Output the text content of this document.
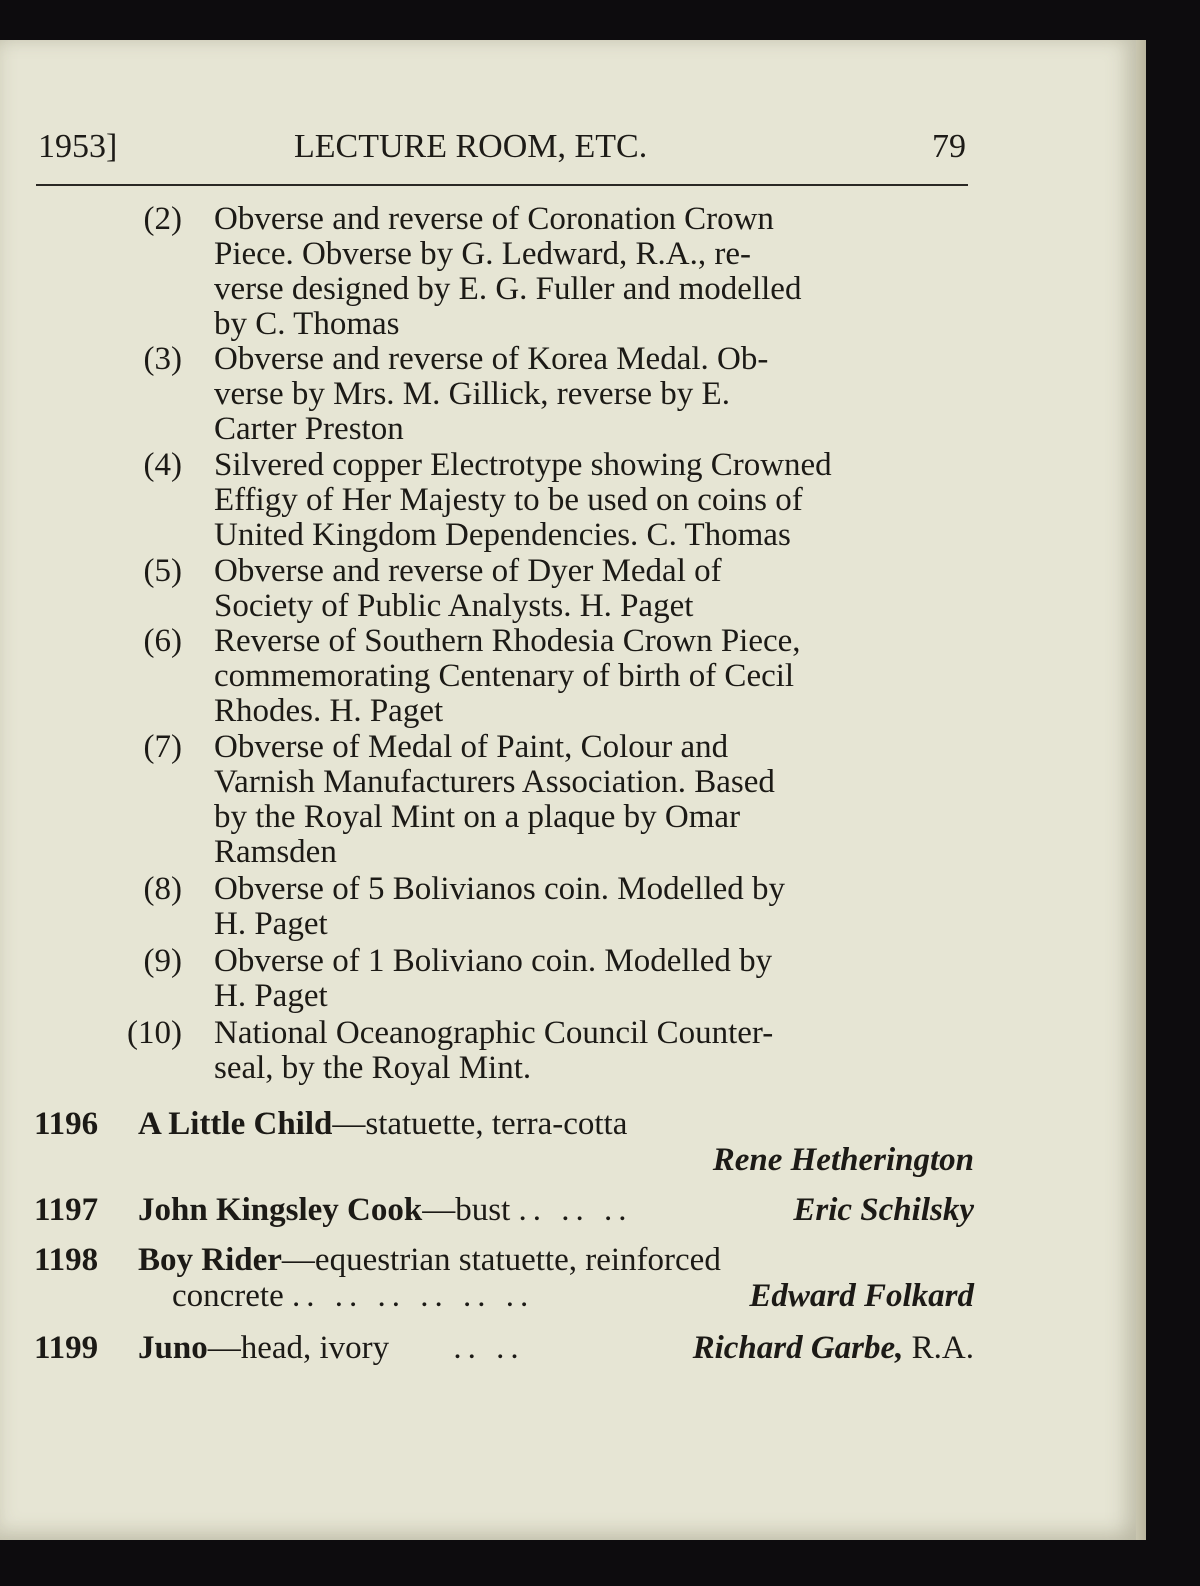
1953]	LECTURE ROOM, ETC.	79
(2) Obverse and reverse of Coronation Crown
Piece. Obverse by G. Ledward, R.A., re-
verse designed by E. G. Fuller and modelled
by C. Thomas
(3) Obverse and reverse of Korea Medal. Ob-
verse by Mrs. M. Gillick, reverse by E.
Carter Preston
(4) Silvered copper Electrotype showing Crowned
Effigy of Her Majesty to be used on coins of
United Kingdom Dependencies. C. Thomas
(5) Obverse and reverse of Dyer Medal of
Society of Public Analysts. H. Paget
(6) Reverse of Southern Rhodesia Crown Piece,
commemorating Centenary of birth of Cecil
Rhodes. H. Paget
(7) Obverse of Medal of Paint, Colour and
Varnish Manufacturers Association. Based
by the Royal Mint on a plaque by Omar
Ramsden
(8) Obverse of 5 Bolivianos coin. Modelled by
H. Paget
(9) Obverse of 1 Boliviano coin. Modelled by
H. Paget
(10) National Oceanographic Council Counter-
seal, by the Royal Mint.
1196 A Little Child—statuette, terra-cotta
Rene Hetherington
1197 John Kingsley Cook—bust .. .. ..	Eric Schilsky
1198 Boy Rider—equestrian statuette, reinforced
concrete .. .. .. .. .. ..	Edward Folkard
1199 Juno—head, ivory .. ..	Richard Garbe, R.A.
